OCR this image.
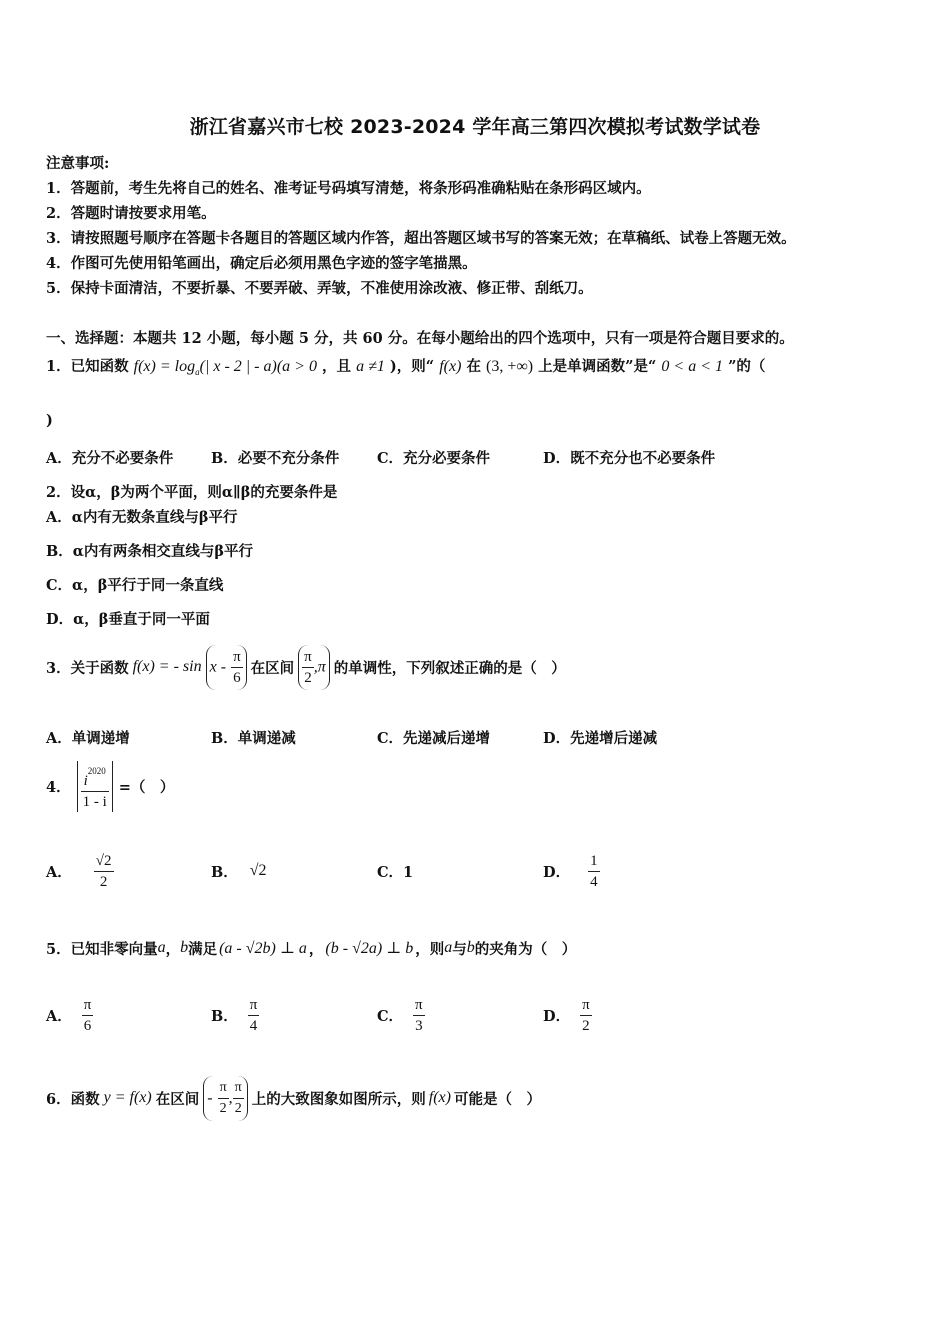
浙江省嘉兴市七校 2023-2024 学年高三第四次模拟考试数学试卷
注意事项:
1．答题前，考生先将自己的姓名、准考证号码填写清楚，将条形码准确粘贴在条形码区域内。
2．答题时请按要求用笔。
3．请按照题号顺序在答题卡各题目的答题区域内作答，超出答题区域书写的答案无效；在草稿纸、试卷上答题无效。
4．作图可先使用铅笔画出，确定后必须用黑色字迹的签字笔描黑。
5．保持卡面清洁，不要折暴、不要弄破、弄皱，不准使用涂改液、修正带、刮纸刀。
一、选择题：本题共 12 小题，每小题 5 分，共 60 分。在每小题给出的四个选项中，只有一项是符合题目要求的。
1．已知函数 $f(x) = \log_a(|$ x - 2 | - a)(a > 0 ，且 a ≠1 )，则“ f(x) 在 (3, +∞) 上是单调函数”是“ 0 < a < 1 ”的（
)
A．充分不必要条件	B．必要不充分条件	C．充分必要条件	D．既不充分也不必要条件
2．设α，β为两个平面，则α∥β的充要条件是
A．α内有无数条直线与β平行
B．α内有两条相交直线与β平行
C．α，β平行于同一条直线
D．α，β垂直于同一平面
3．关于函数 f(x) = - sin x - $\frac{\pi}{6}$ 在区间 $\frac{\pi}{2} ,\pi$ 的单调性，下列叙述正确的是（　）
A．单调递增	B．单调递减	C．先递减后递增	D．先递增后递减
4． $\frac{i^{2020}}{1 - i}$ =（　）
A． $\frac{√2}{2}$	B． √2	C．1	D． $\frac{1}{4}$
5．已知非零向量 a ， b 满足 (a - √2b) ⊥ a ， (b - √2a) ⊥ b ，则 a 与 b 的夹角为（　）
A． $\frac{\pi}{6}$	B． $\frac{\pi}{4}$	C． $\frac{\pi}{3}$	D． $\frac{\pi}{2}$
6．函数 y = f(x) 在区间 - $\frac{\pi}{2}$ , $\frac{\pi}{2}$ 上的大致图象如图所示，则 f(x) 可能是（　）
